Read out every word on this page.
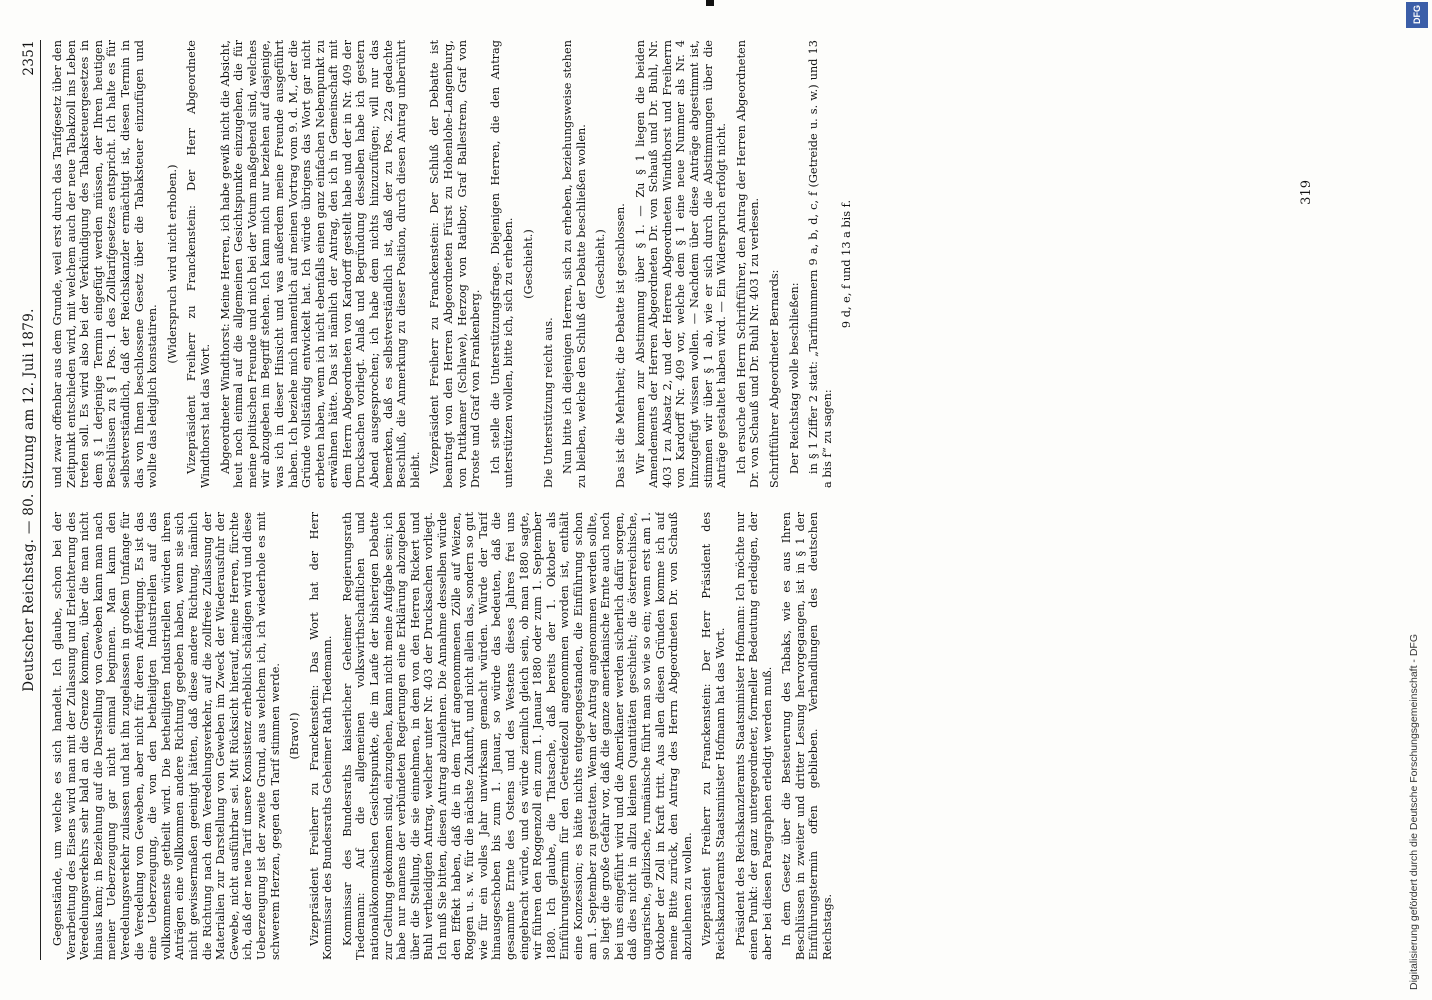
Deutscher Reichstag. — 80. Sitzung am 12. Juli 1879.
2351

Gegenstände, um welche es sich handelt. Ich glaube, schon bei der Verarbeitung des Eisens wird man mit der Zulassung und Erleichterung des Veredelungsverkehrs sehr bald an die Grenze kommen, über die man nicht hinaus kann; in Beziehung auf die Darstellung von Geweben kann man nach meiner Ueberzeugung gar nicht einmal beginnen. Man kann den Veredelungsverkehr zulassen und hat ihn zugelassen in großem Umfange für die Veredelung von Geweben, aber nicht für deren Anfertigung. Es ist das eine Ueberzeugung, die von den betheiligten Industriellen auf das vollkommenste getheilt wird. Die betheiligten Industriellen würden ihren Anträgen eine vollkommen andere Richtung gegeben haben, wenn sie sich nicht gewissermaßen geeinigt hätten, daß diese andere Richtung, nämlich die Richtung nach dem Veredelungsverkehr, auf die zollfreie Zulassung der Materialien zur Darstellung von Geweben im Zweck der Wiederausfuhr der Gewebe, nicht ausführbar sei. Mit Rücksicht hierauf, meine Herren, fürchte ich, daß der neue Tarif unsere Konsistenz erheblich schädigen wird und diese Ueberzeugung ist der zweite Grund, aus welchem ich, ich wiederhole es mit schwerem Herzen, gegen den Tarif stimmen werde. (Bravo!) Vizepräsident Freiherr zu Franckenstein: Das Wort hat der Herr Kommissar des Bundesraths Geheimer Rath Tiedemann. Kommissar des Bundesraths kaiserlicher Geheimer Regierungsrath Tiedemann: Auf die allgemeinen volkswirthschaftlichen und nationalökonomischen Gesichtspunkte, die im Laufe der bisherigen Debatte zur Geltung gekommen sind, einzugehen, kann nicht meine Aufgabe sein; ich habe nur namens der verbündeten Regierungen eine Erklärung abzugeben über die Stellung, die sie einnehmen, in dem von den Herren Rickert und Buhl vertheidigten Antrag, welcher unter Nr. 403 der Drucksachen vorliegt. Ich muß Sie bitten, diesen Antrag abzulehnen. Die Annahme desselben würde den Effekt haben, daß die in dem Tarif angenommenen Zölle auf Weizen, Roggen u. s. w. für die nächste Zukunft, und nicht allein das, sondern so gut wie für ein volles Jahr unwirksam gemacht würden. Würde der Tarif hinausgeschoben bis zum 1. Januar, so würde das bedeuten, daß die gesammte Ernte des Ostens und des Westens dieses Jahres frei uns eingebracht würde, und es würde ziemlich gleich sein, ob man 1880 sagte, wir führen den Roggenzoll ein zum 1. Januar 1880 oder zum 1. September 1880. Ich glaube, die Thatsache, daß bereits der 1. Oktober als Einführungstermin für den Getreidezoll angenommen worden ist, enthält eine Konzession; es hätte nichts entgegengestanden, die Einführung schon am 1. September zu gestatten. Wenn der Antrag angenommen werden sollte, so liegt die große Gefahr vor, daß die ganze amerikanische Ernte auch noch bei uns eingeführt wird und die Amerikaner werden sicherlich dafür sorgen, daß dies nicht in allzu kleinen Quantitäten geschieht; die österreichische, ungarische, galizische, rumänische führt man so wie so ein; wenn erst am 1. Oktober der Zoll in Kraft tritt. Aus allen diesen Gründen komme ich auf meine Bitte zurück, den Antrag des Herrn Abgeordneten Dr. von Schauß abzulehnen zu wollen. Vizepräsident Freiherr zu Franckenstein: Der Herr Präsident des Reichskanzleramts Staatsminister Hofmann hat das Wort. Präsident des Reichskanzleramts Staatsminister Hofmann: Ich möchte nur einen Punkt: der ganz untergeordneter, formeller Bedeutung erledigen, der aber bei diesen Paragraphen erledigt werden muß. In dem Gesetz über die Besteuerung des Tabaks, wie es aus Ihren Beschlüssen in zweiter und dritter Lesung hervorgegangen, ist in § 1 der Einführungstermin offen geblieben. Verhandlungen des deutschen Reichstags.

und zwar offenbar aus dem Grunde, weil erst durch das Tarifgesetz über den Zeitpunkt entschieden wird, mit welchem auch der neue Tabakzoll ins Leben treten soll. Es wird also bei der Verkündigung des Tabaksteuergesetzes in dem § 1 derjenige Termin eingefügt werden müssen, der Ihren heutigen Beschlüssen zu § 1 Pos. 1 des Zolltarifgesetzes entspricht. Ich halte es für selbstverständlich, daß der Reichskanzler ermächtigt ist, diesen Termin in das von Ihnen beschlossene Gesetz über die Tabaksteuer einzufügen und wollte das lediglich konstatiren.

(Widerspruch wird nicht erhoben.) Vizepräsident Freiherr zu Franckenstein: Der Herr Abgeordnete Windthorst hat das Wort. Abgeordneter Windthorst: Meine Herren, ich habe gewiß nicht die Absicht, heut noch einmal auf die allgemeinen Gesichtspunkte einzugehen, die für meine politischen Freunde und mich bei der Votum maßgebend sind, welches wir abzugeben im Begriff stehen. Ich kann mich nur beziehen auf dasjenige, was ich in dieser Hinsicht und was außerdem meine Freunde ausgeführt haben. Ich beziehe mich namentlich auf meinen Vortrag vom 9. d. M., der die Gründe vollständig entwickelt hat. Ich würde übrigens das Wort gar nicht erbeten haben, wenn ich nicht ebenfalls einen ganz einfachen Nebenpunkt zu erwähnen hätte. Das ist nämlich der Antrag, den ich in Gemeinschaft mit dem Herrn Abgeordneten von Kardorff gestellt habe und der in Nr. 409 der Drucksachen vorliegt. Anlaß und Begründung desselben habe ich gestern Abend ausgesprochen; ich habe dem nichts hinzuzufügen; will nur das bemerken, daß es selbstverständlich ist, daß der zu Pos. 22a gedachte Beschluß, die Anmerkung zu dieser Position, durch diesen Antrag unberührt bleibt. Vizepräsident Freiherr zu Franckenstein: Der Schluß der Debatte ist beantragt von den Herren Abgeordneten Fürst zu Hohenlohe-Langenburg, von Puttkamer (Schlawe), Herzog von Ratibor, Graf Ballestrem, Graf von Droste und Graf von Frankenberg. Ich stelle die Unterstützungsfrage. Diejenigen Herren, die den Antrag unterstützen wollen, bitte ich, sich zu erheben. (Geschieht.)

Die Unterstützung reicht aus. Nun bitte ich diejenigen Herren, sich zu erheben, beziehungsweise stehen zu bleiben, welche den Schluß der Debatte beschließen wollen. (Geschieht.) Das ist die Mehrheit; die Debatte ist geschlossen. Wir kommen zur Abstimmung über § 1. — Zu § 1 liegen die beiden Amendements der Herren Abgeordneten Dr. von Schauß und Dr. Buhl, Nr. 403 I zu Absatz 2, und der Herren Abgeordneten Windthorst und Freiherrn von Kardorff Nr. 409 vor, welche dem § 1 eine neue Nummer als Nr. 4 hinzugefügt wissen wollen. — Nachdem über diese Anträge abgestimmt ist, stimmen wir über § 1 ab, wie er sich durch die Abstimmungen über die Anträge gestaltet haben wird. — Ein Widerspruch erfolgt nicht. Ich ersuche den Herrn Schriftführer, den Antrag der Herren Abgeordneten Dr. von Schauß und Dr. Buhl Nr. 403 I zu verlesen. Schriftführer Abgeordneter Bernards: Der Reichstag wolle beschließen: in § 1 Ziffer 2 statt: „Tarifnummern 9 a, b, d, c, f (Getreide u. s. w.) und 13 a bis f“ zu sagen:

9 d, e, f und 13 a bis f.

319
DFG
Digitalisierung gefördert durch die Deutsche Forschungsgemeinschaft - DFG
